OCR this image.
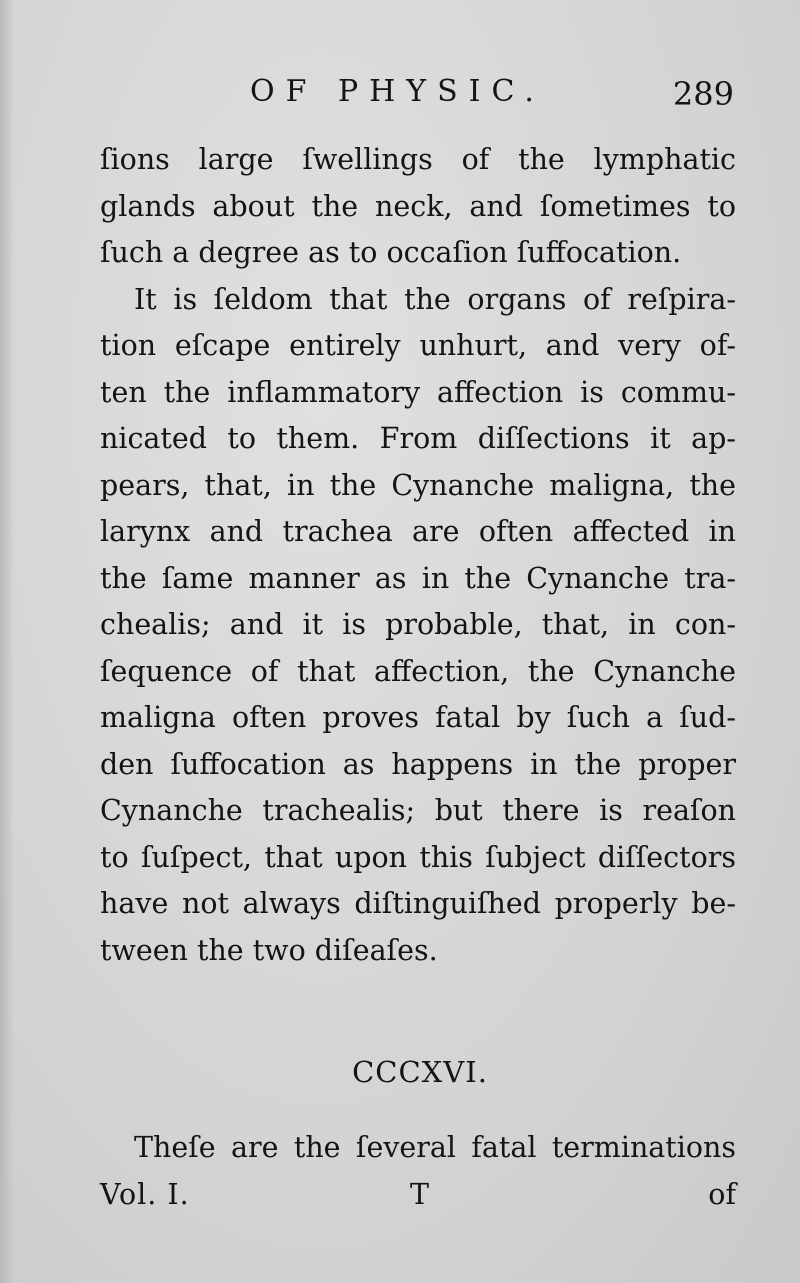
OF PHYSIC.	289
ſions large ſwellings of the lymphatic
glands about the neck, and ſometimes to
ſuch a degree as to occaſion ſuffocation.
It is ſeldom that the organs of reſpira-
tion eſcape entirely unhurt, and very of-
ten the inflammatory affection is commu-
nicated to them. From diſſections it ap-
pears, that, in the Cynanche maligna, the
larynx and trachea are often affected in
the ſame manner as in the Cynanche tra-
chealis; and it is probable, that, in con-
ſequence of that affection, the Cynanche
maligna often proves fatal by ſuch a ſud-
den ſuffocation as happens in the proper
Cynanche trachealis; but there is reaſon
to ſuſpect, that upon this ſubject diſſectors
have not always diſtinguiſhed properly be-
tween the two diſeaſes.
CCCXVI.
Theſe are the ſeveral fatal terminations
Vol. I.	T	of
